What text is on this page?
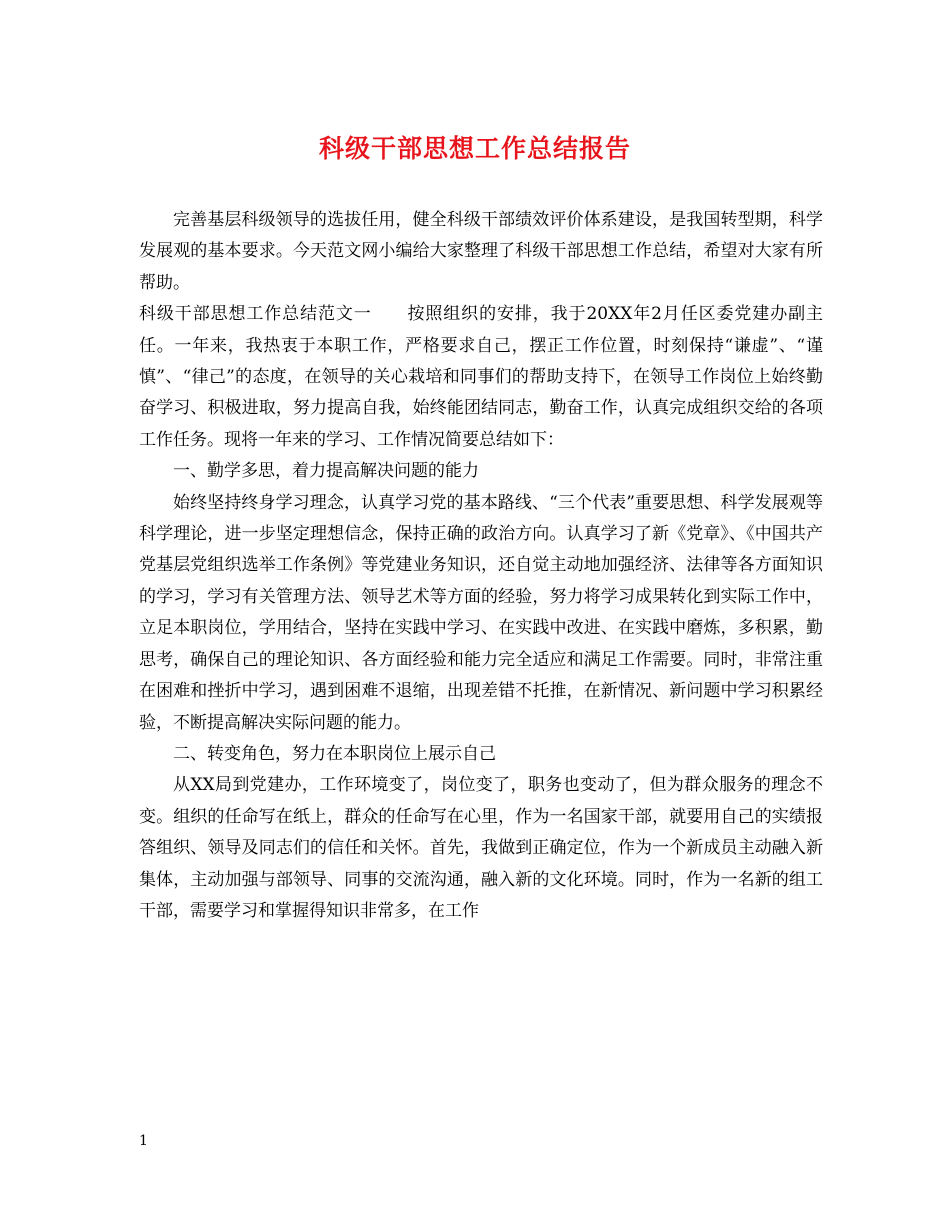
科级干部思想工作总结报告

完善基层科级领导的选拔任用，健全科级干部绩效评价体系建设，是我国转型期，科学发展观的基本要求。今天范文网小编给大家整理了科级干部思想工作总结，希望对大家有所帮助。

科级干部思想工作总结范文一　　按照组织的安排，我于20XX年2月任区委党建办副主任。一年来，我热衷于本职工作，严格要求自己，摆正工作位置，时刻保持“谦虚”、“谨慎”、“律己”的态度，在领导的关心栽培和同事们的帮助支持下，在领导工作岗位上始终勤奋学习、积极进取，努力提高自我，始终能团结同志，勤奋工作，认真完成组织交给的各项工作任务。现将一年来的学习、工作情况简要总结如下：

一、勤学多思，着力提高解决问题的能力

始终坚持终身学习理念，认真学习党的基本路线、“三个代表”重要思想、科学发展观等科学理论，进一步坚定理想信念，保持正确的政治方向。认真学习了新《党章》、《中国共产党基层党组织选举工作条例》等党建业务知识，还自觉主动地加强经济、法律等各方面知识的学习，学习有关管理方法、领导艺术等方面的经验，努力将学习成果转化到实际工作中，立足本职岗位，学用结合，坚持在实践中学习、在实践中改进、在实践中磨炼，多积累，勤思考，确保自己的理论知识、各方面经验和能力完全适应和满足工作需要。同时，非常注重在困难和挫折中学习，遇到困难不退缩，出现差错不托推，在新情况、新问题中学习积累经验，不断提高解决实际问题的能力。

二、转变角色，努力在本职岗位上展示自己

从XX局到党建办，工作环境变了，岗位变了，职务也变动了，但为群众服务的理念不变。组织的任命写在纸上，群众的任命写在心里，作为一名国家干部，就要用自己的实绩报答组织、领导及同志们的信任和关怀。首先，我做到正确定位，作为一个新成员主动融入新集体，主动加强与部领导、同事的交流沟通，融入新的文化环境。同时，作为一名新的组工干部，需要学习和掌握得知识非常多，在工作

1
